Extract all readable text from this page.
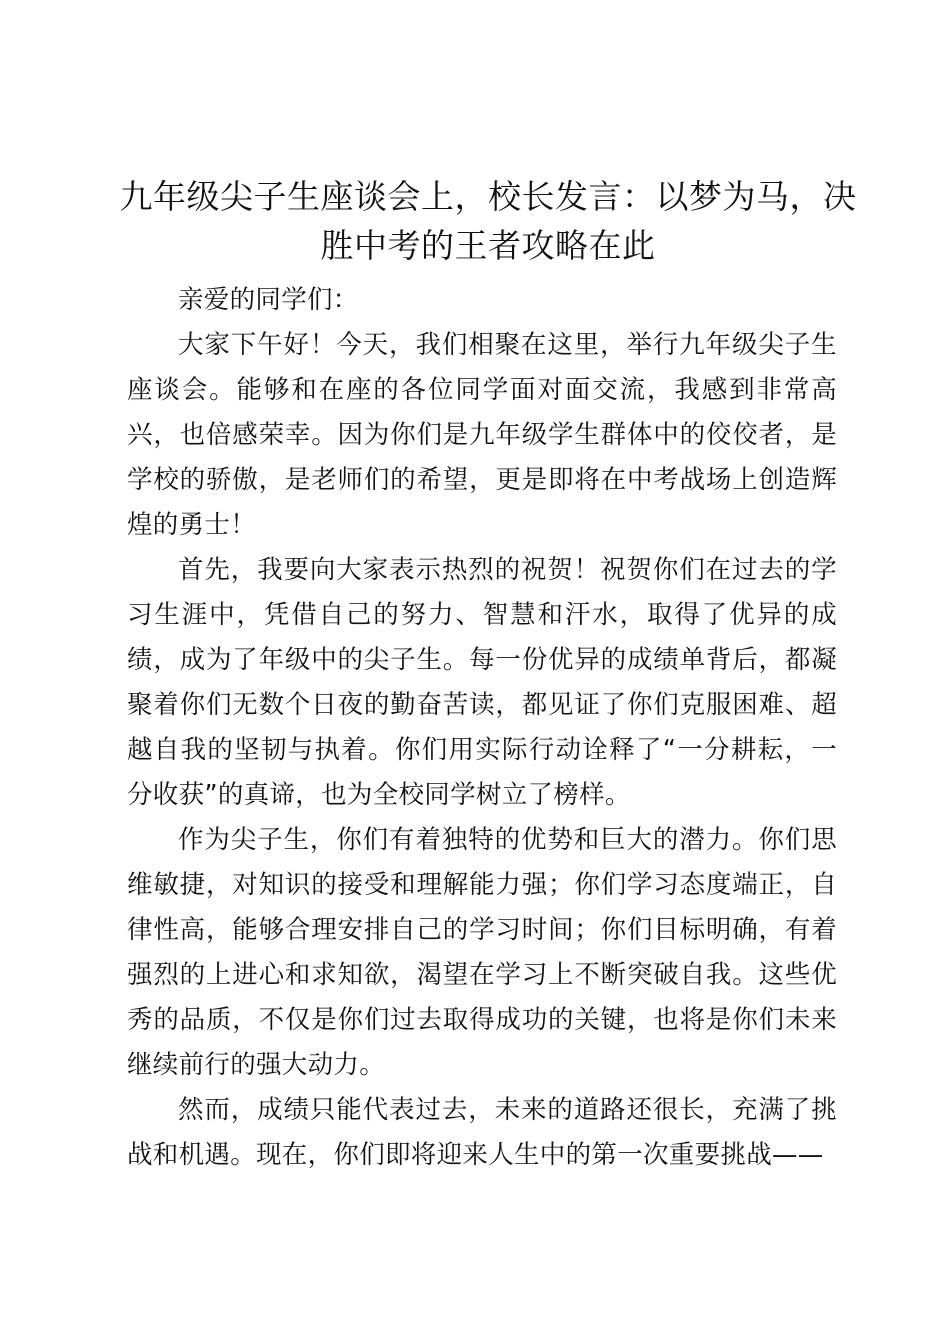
九年级尖子生座谈会上，校长发言：以梦为马，决胜中考的王者攻略在此

亲爱的同学们：

大家下午好！今天，我们相聚在这里，举行九年级尖子生座谈会。能够和在座的各位同学面对面交流，我感到非常高兴，也倍感荣幸。因为你们是九年级学生群体中的佼佼者，是学校的骄傲，是老师们的希望，更是即将在中考战场上创造辉煌的勇士！

首先，我要向大家表示热烈的祝贺！祝贺你们在过去的学习生涯中，凭借自己的努力、智慧和汗水，取得了优异的成绩，成为了年级中的尖子生。每一份优异的成绩单背后，都凝聚着你们无数个日夜的勤奋苦读，都见证了你们克服困难、超越自我的坚韧与执着。你们用实际行动诠释了“一分耕耘，一分收获”的真谛，也为全校同学树立了榜样。

作为尖子生，你们有着独特的优势和巨大的潜力。你们思维敏捷，对知识的接受和理解能力强；你们学习态度端正，自律性高，能够合理安排自己的学习时间；你们目标明确，有着强烈的上进心和求知欲，渴望在学习上不断突破自我。这些优秀的品质，不仅是你们过去取得成功的关键，也将是你们未来继续前行的强大动力。

然而，成绩只能代表过去，未来的道路还很长，充满了挑战和机遇。现在，你们即将迎来人生中的第一次重要挑战——
